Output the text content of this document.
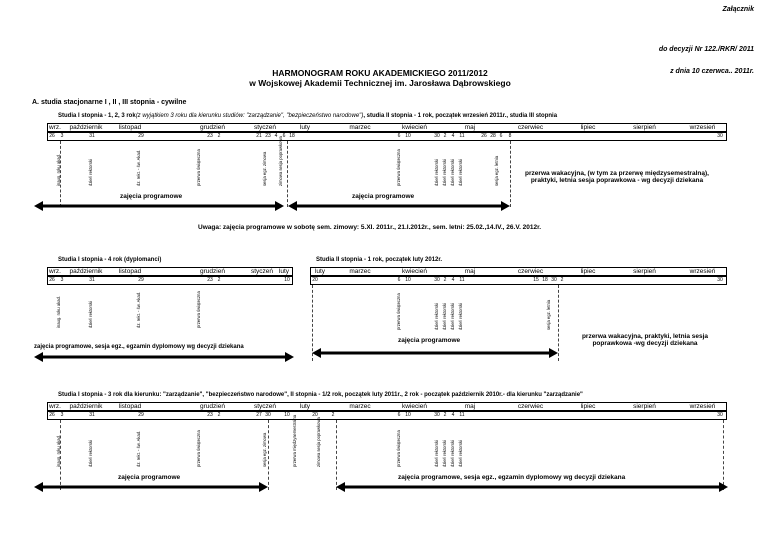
Załącznik
do decyzji Nr 122./RKR/ 2011
z dnia 10 czerwca.. 2011r.
HARMONOGRAM ROKU AKADEMICKIEGO 2011/2012
w Wojskowej Akademii Technicznej im. Jarosława Dąbrowskiego
A. studia stacjonarne I , II , III stopnia - cywilne
Studia I stopnia - 1, 2, 3 rok(z wyjątkiem 3 roku dla kierunku studiów: "zarządzanie", "bezpieczeństwo narodowe"), studia II stopnia - 1 rok, początek wrzesień 2011r., studia III stopnia
wrz.	październik	listopad	grudzień	styczeń	luty	marzec	kwiecień	maj	czerwiec	lipiec	sierpień	wrzesień
26	3	31	29	23 2	21 23 4	6 18	6 10	30 2	4	11	26 28 6	8	30
inaug. roku akad.	dzień rektorski	dz. rekt. - św. Akad.	przerwa świąteczna	sesja egz. zimowa	zimowa sesja poprawkowa	przerwa świąteczna	dzień rektorski dzień rektorski dzień rektorski dzień rektorski	sesja egz. letnia
zajęcia programowe	zajęcia programowe
przerwa wakacyjna, (w tym za przerwę międzysemestralną), praktyki, letnia sesja poprawkowa - wg decyzji dziekana
Uwaga: zajęcia programowe w sobotę sem. zimowy: 5.XI. 2011r., 21.I.2012r., sem. letni: 25.02.,14.IV., 26.V. 2012r.
Studia I stopnia - 4 rok (dyplomanci)
wrz.	październik	listopad	grudzień	styczeń luty
26	3	31	29	23 2	10
inaug. roku akad.	dzień rektorski	dz. rekt. - św. Akad.	przerwa świąteczna
zajęcia programowe, sesja egz., egzamin dyplomowy wg decyzji dziekana
Studia II stopnia - 1 rok, początek luty 2012r.
luty	marzec	kwiecień	maj	czerwiec	lipiec	sierpień	wrzesień
20	6 10	30 2	4	11	15 18 30 2	30
przerwa świąteczna	dzień rektorski dzień rektorski dzień rektorski dzień rektorski	sesja egz. letnia
zajęcia programowe
przerwa wakacyjna, praktyki, letnia sesja poprawkowa -wg decyzji dziekana
Studia I stopnia - 3 rok dla kierunku: "zarządzanie", "bezpieczeństwo narodowe", II stopnia - 1/2 rok, początek luty 2011r., 2 rok - początek październik 2010r.- dla kierunku "zarządzanie"
wrz.	październik	listopad	grudzień	styczeń	luty	marzec	kwiecień	maj	czerwiec	lipiec	sierpień	wrzesień
26	3	31	29	23 2	27 30	10	20	2	6 10	30 2	4	11	30
inaug. roku akad.	dzień rektorski	dz. rekt. - św. Akad.	przerwa świąteczna	sesja egz. zimowa	przerwa międzysemestralna	zimowa sesja poprawkowa	przerwa świąteczna	dzień rektorski dzień rektorski dzień rektorski dzień rektorski
zajęcia programowe	zajęcia programowe, sesja egz., egzamin dyplomowy wg decyzji dziekana
